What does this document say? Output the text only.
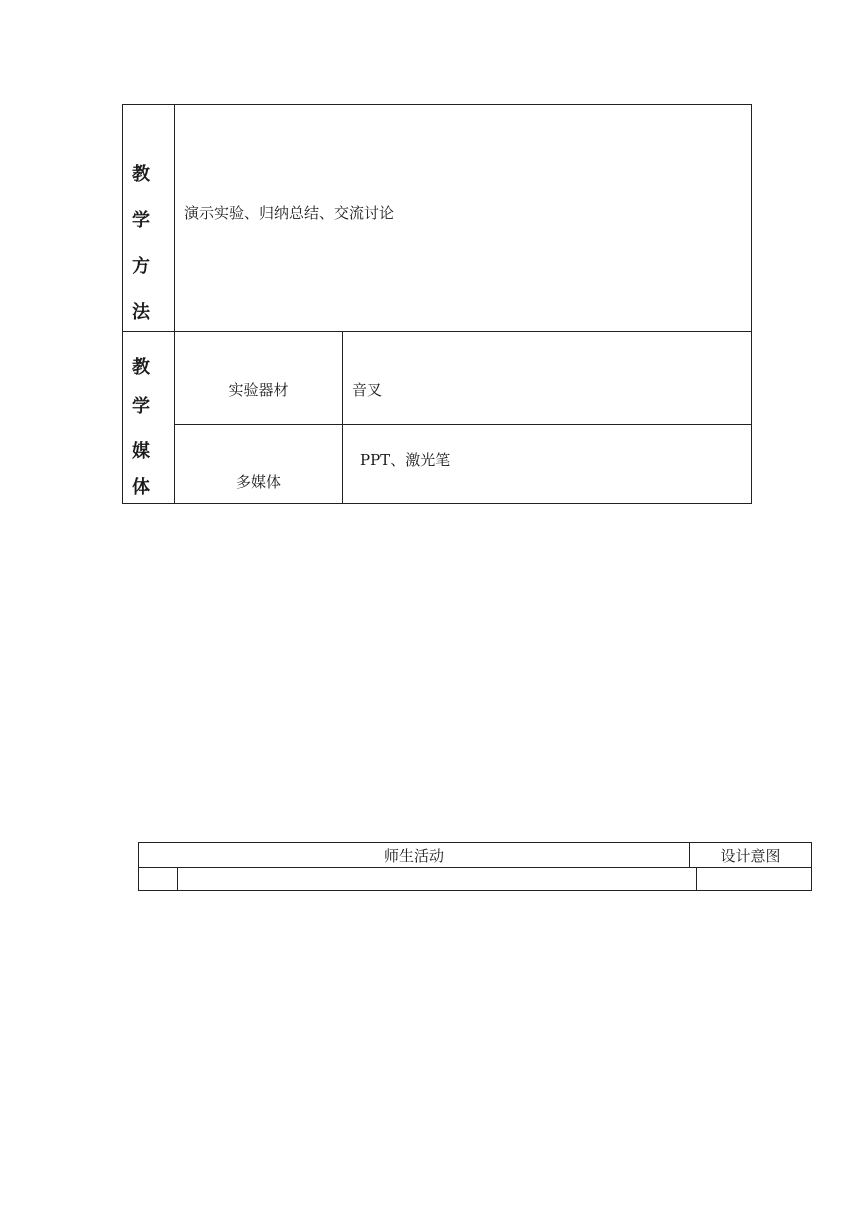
教
学
方
法
演示实验、归纳总结、交流讨论
教
学
媒
体
实验器材	音叉
多媒体
PPT、激光笔
师生活动	设计意图
